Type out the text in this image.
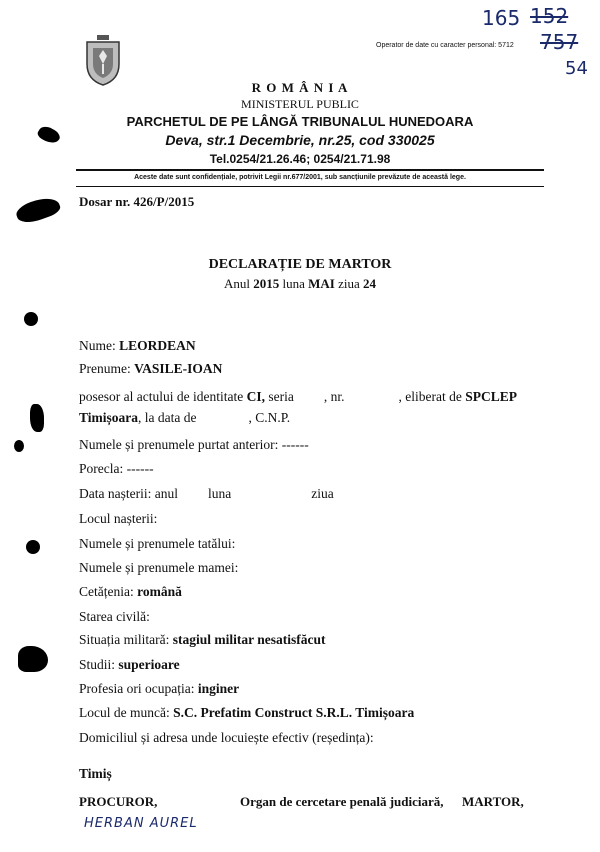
165 152
757
54
Operator de date cu caracter personal: 5712
R O M Â N I A
MINISTERUL PUBLIC
PARCHETUL DE PE LÂNGĂ TRIBUNALUL HUNEDOARA
Deva, str.1 Decembrie, nr.25, cod 330025
Tel.0254/21.26.46; 0254/21.71.98
Aceste date sunt confidențiale, potrivit Legii nr.677/2001, sub sancțiunile prevăzute de această lege.
Dosar nr. 426/P/2015
DECLARAȚIE DE MARTOR
Anul 2015 luna MAI ziua 24
Nume: LEORDEAN
Prenume: VASILE-IOAN
posesor al actului de identitate CI, seria , nr.	, eliberat de SPCLEP
Timișoara, la data de	, C.N.P.
Numele și prenumele purtat anterior: ------
Porecla: ------
Data nașterii: anul luna	ziua
Locul nașterii:
Numele și prenumele tatălui:
Numele și prenumele mamei:
Cetățenia: română
Starea civilă:
Situația militară: stagiul militar nesatisfăcut
Studii: superioare
Profesia ori ocupația: inginer
Locul de muncă: S.C. Prefatim Construct S.R.L. Timișoara
Domiciliul și adresa unde locuiește efectiv (reședința):
Timiș
PROCUROR,	Organ de cercetare penală judiciară, MARTOR,
HERBAN AUREL
